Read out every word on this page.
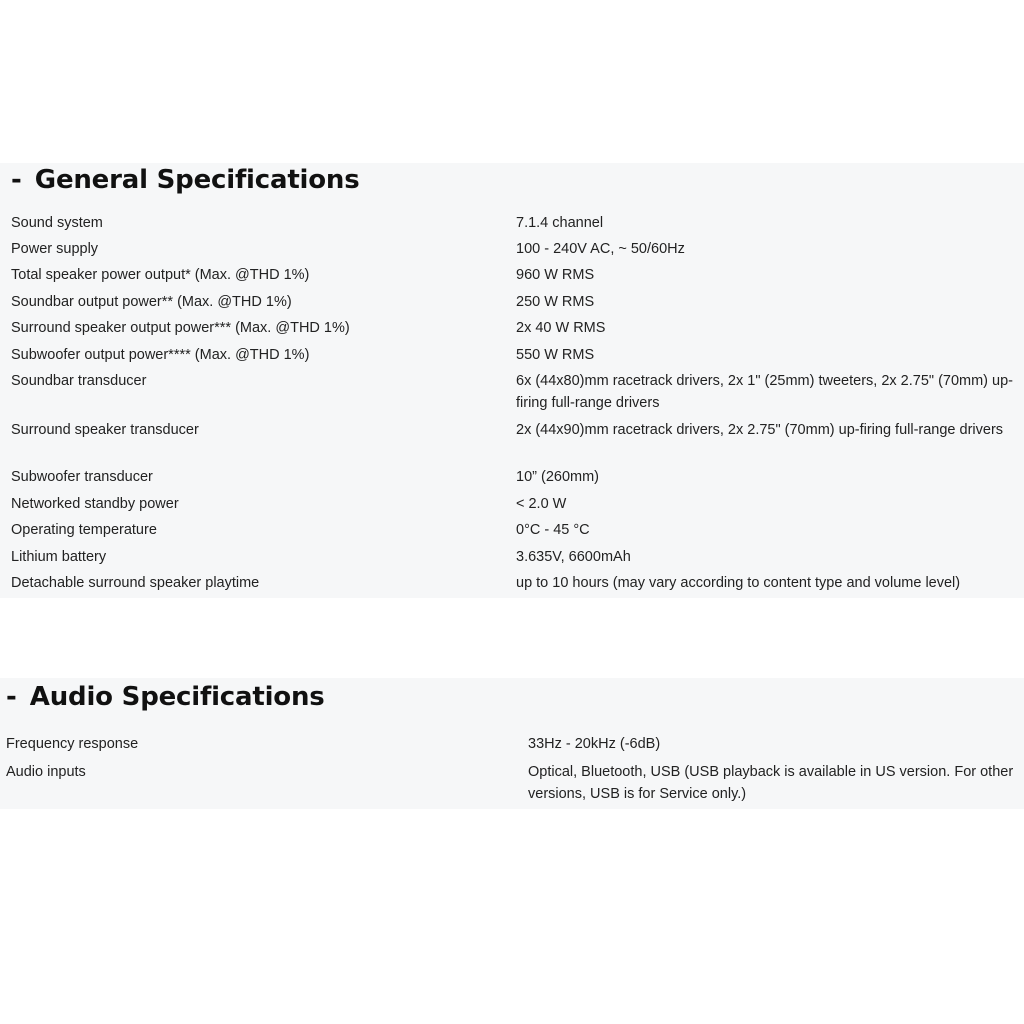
- General Specifications
Sound system	7.1.4 channel
Power supply	100 - 240V AC, ~ 50/60Hz
Total speaker power output* (Max. @THD 1%)	960 W RMS
Soundbar output power** (Max. @THD 1%)	250 W RMS
Surround speaker output power*** (Max. @THD 1%)	2x 40 W RMS
Subwoofer output power**** (Max. @THD 1%)	550 W RMS
Soundbar transducer	6x (44x80)mm racetrack drivers, 2x 1" (25mm) tweeters, 2x 2.75" (70mm) up-firing full-range drivers
Surround speaker transducer	2x (44x90)mm racetrack drivers, 2x 2.75" (70mm) up-firing full-range drivers
Subwoofer transducer	10” (260mm)
Networked standby power	< 2.0 W
Operating temperature	0°C - 45 °C
Lithium battery	3.635V, 6600mAh
Detachable surround speaker playtime	up to 10 hours (may vary according to content type and volume level)
- Audio Specifications
Frequency response	33Hz - 20kHz (-6dB)
Audio inputs	Optical, Bluetooth, USB (USB playback is available in US version. For other versions, USB is for Service only.)
